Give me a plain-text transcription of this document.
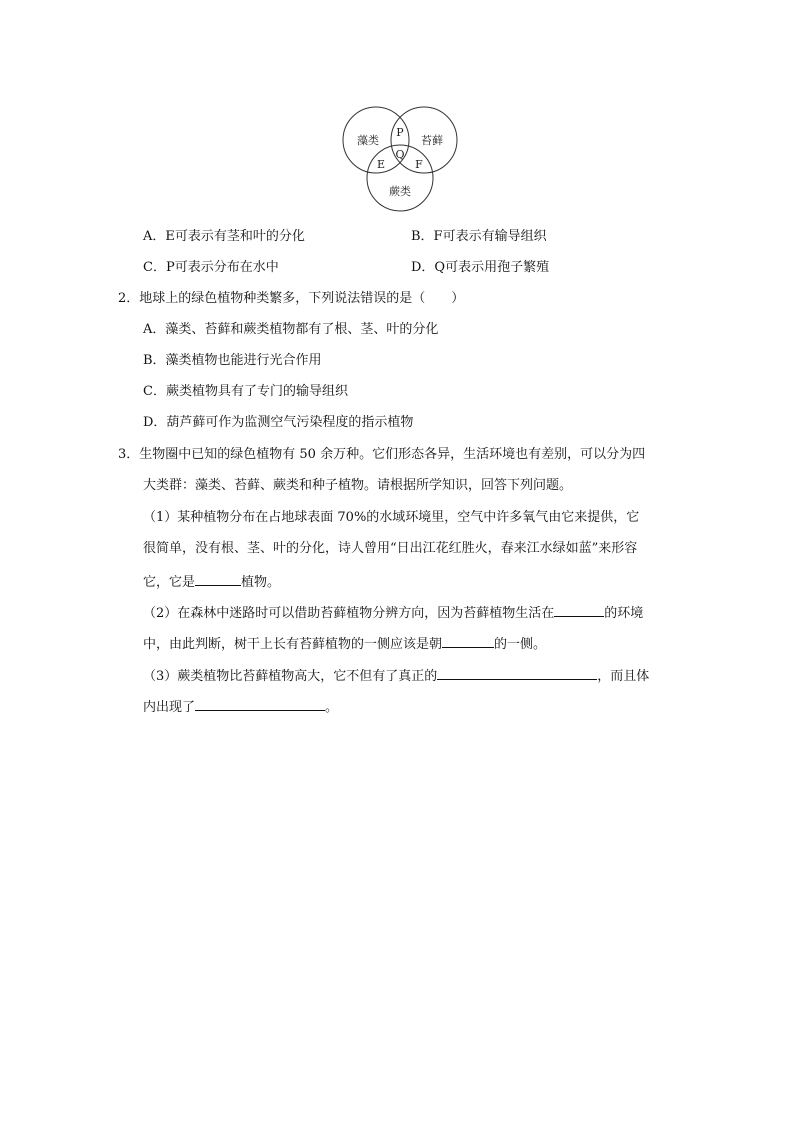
藻类	苔藓
蕨类
P
Q
E	F
A．E可表示有茎和叶的分化	B．F可表示有输导组织
C．P可表示分布在水中	D．Q可表示用孢子繁殖
2．地球上的绿色植物种类繁多，下列说法错误的是（　　）
A．藻类、苔藓和蕨类植物都有了根、茎、叶的分化
B．藻类植物也能进行光合作用
C．蕨类植物具有了专门的输导组织
D．葫芦藓可作为监测空气污染程度的指示植物
3．生物圈中已知的绿色植物有 50 余万种。它们形态各异，生活环境也有差别，可以分为四
大类群：藻类、苔藓、蕨类和种子植物。请根据所学知识，回答下列问题。
（1）某种植物分布在占地球表面 70%的水域环境里，空气中许多氧气由它来提供，它
很简单，没有根、茎、叶的分化，诗人曾用“日出江花红胜火，春来江水绿如蓝”来形容
它，它是	植物。
（2）在森林中迷路时可以借助苔藓植物分辨方向，因为苔藓植物生活在	的环境
中，由此判断，树干上长有苔藓植物的一侧应该是朝	的一侧。
（3）蕨类植物比苔藓植物高大，它不但有了真正的	，而且体
内出现了	。
